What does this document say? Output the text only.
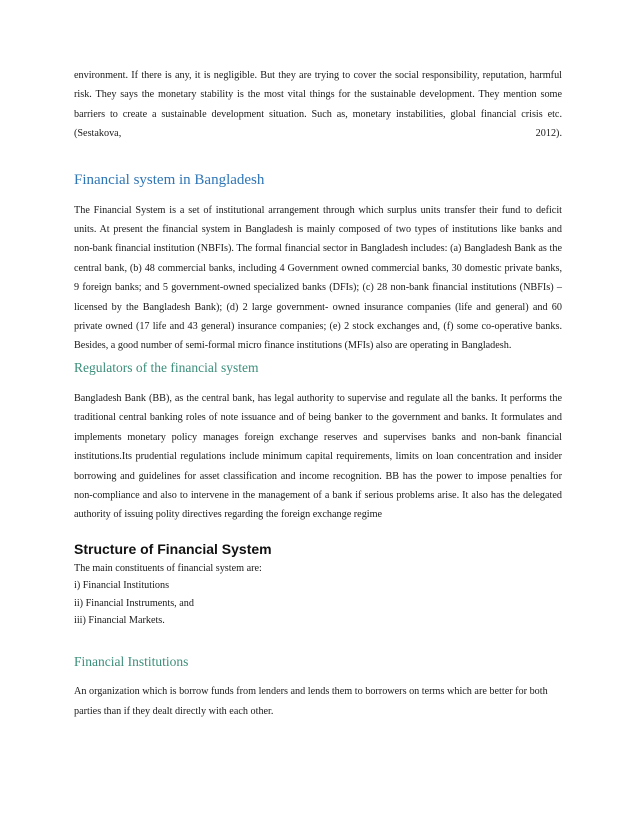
environment. If there is any, it is negligible. But they are trying to cover the social responsibility, reputation, harmful risk. They says the monetary stability is the most vital things for the sustainable development. They mention some barriers to create a sustainable development situation. Such as, monetary instabilities, global financial crisis etc.(Sestakova, 2012).

Financial system in Bangladesh

The Financial System is a set of institutional arrangement through which surplus units transfer their fund to deficit units. At present the financial system in Bangladesh is mainly composed of two types of institutions like banks and non-bank financial institution (NBFIs). The formal financial sector in Bangladesh includes: (a) Bangladesh Bank as the central bank, (b) 48 commercial banks, including 4 Government owned commercial banks, 30 domestic private banks, 9 foreign banks; and 5 government-owned specialized banks (DFIs); (c) 28 non-bank financial institutions (NBFIs) – licensed by the Bangladesh Bank); (d) 2 large government- owned insurance companies (life and general) and 60 private owned (17 life and 43 general) insurance companies; (e) 2 stock exchanges and, (f) some co-operative banks. Besides, a good number of semi-formal micro finance institutions (MFIs) also are operating in Bangladesh.

Regulators of the financial system

Bangladesh Bank (BB), as the central bank, has legal authority to supervise and regulate all the banks. It performs the traditional central banking roles of note issuance and of being banker to the government and banks. It formulates and implements monetary policy manages foreign exchange reserves and supervises banks and non-bank financial institutions.Its prudential regulations include minimum capital requirements, limits on loan concentration and insider borrowing and guidelines for asset classification and income recognition. BB has the power to impose penalties for non-compliance and also to intervene in the management of a bank if serious problems arise. It also has the delegated authority of issuing polity directives regarding the foreign exchange regime

Structure of Financial System

The main constituents of financial system are:

i) Financial Institutions

ii) Financial Instruments, and

iii) Financial Markets.

Financial Institutions

An organization which is borrow funds from lenders and lends them to borrowers on terms which are better for both parties than if they dealt directly with each other.
